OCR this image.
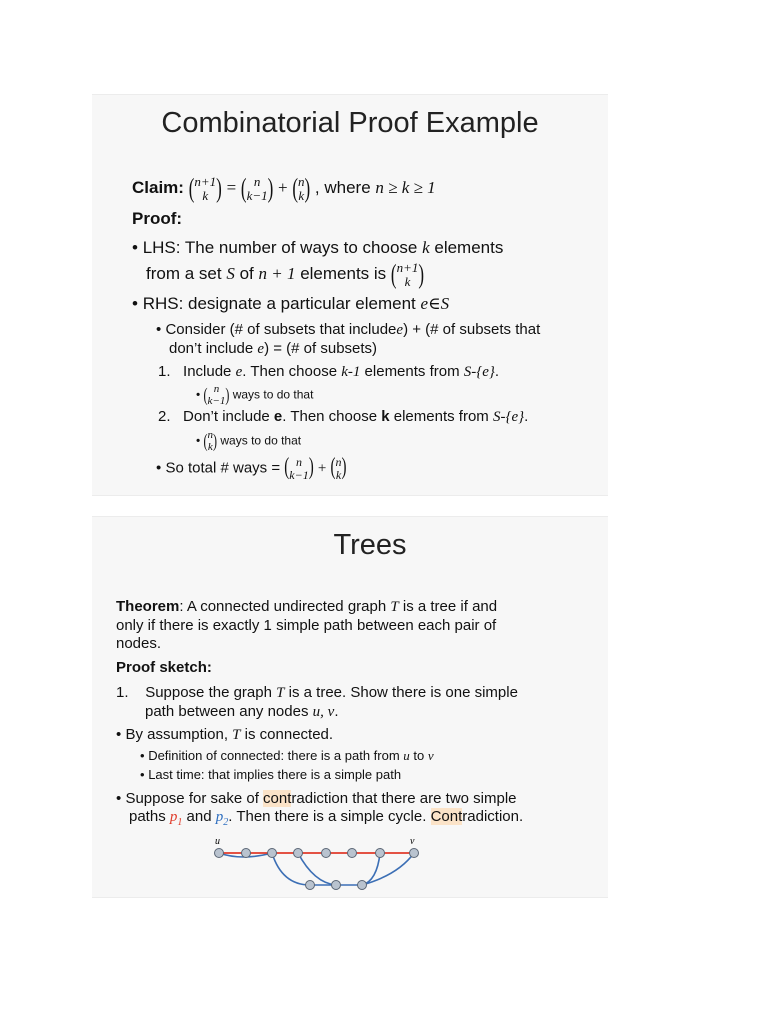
Combinatorial Proof Example
Claim: ( n+1
k ) = ( n
k−1 ) + ( n
k ) , where n ≥ k ≥ 1
Proof:
• LHS: The number of ways to choose k elements
from a set S of n + 1 elements is ( n+1
k )
• RHS: designate a particular element e∈S
• Consider (# of subsets that includee) + (# of subsets that
don’t include e) = (# of subsets)
1. Include e. Then choose k-1 elements from S-{e}.
• ( n
k−1 ) ways to do that
2. Don’t include e. Then choose k elements from S-{e}.
• ( n
k ) ways to do that
• So total # ways = ( n
k−1 ) + ( n
k )
Trees
Theorem: A connected undirected graph T is a tree if and
only if there is exactly 1 simple path between each pair of
nodes.
Proof sketch:
1. Suppose the graph T is a tree. Show there is one simple
path between any nodes u, v.
• By assumption, T is connected.
• Definition of connected: there is a path from u to v
• Last time: that implies there is a simple path
• Suppose for sake of contradiction that there are two simple
paths $p_1$ and $p_2$. Then there is a simple cycle. Contradiction.
u	v
